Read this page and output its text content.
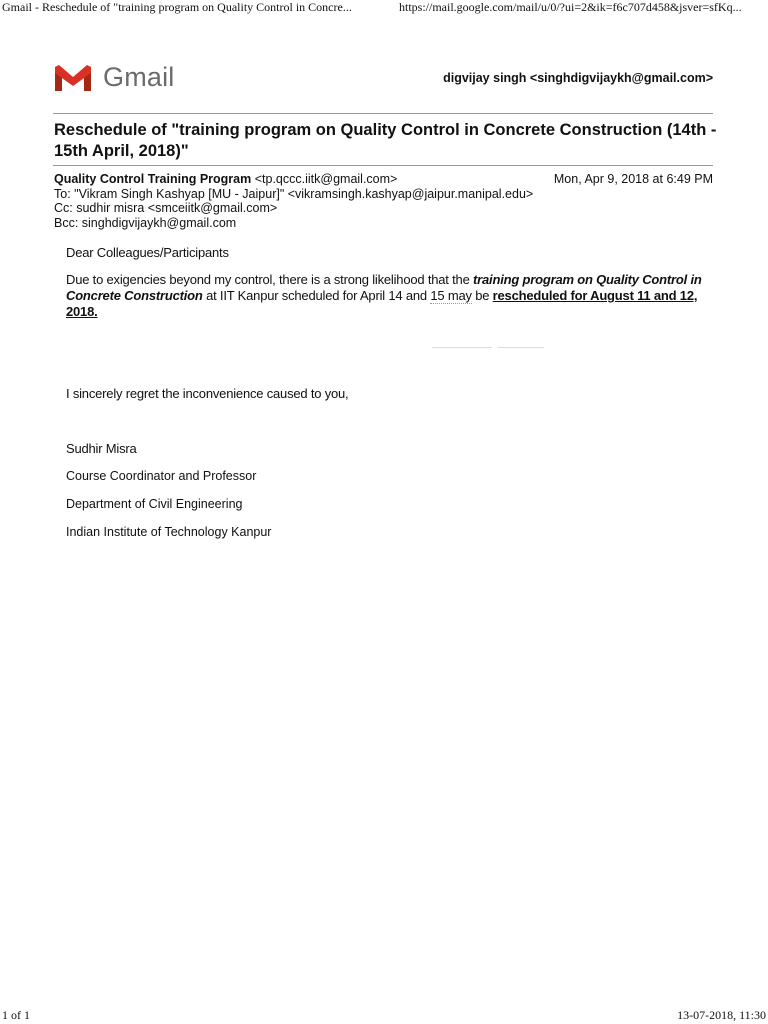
Gmail - Reschedule of "training program on Quality Control in Concre...	https://mail.google.com/mail/u/0/?ui=2&ik=f6c707d458&jsver=sfKq...
Gmail	digvijay singh <singhdigvijaykh@gmail.com>
Reschedule of "training program on Quality Control in Concrete Construction (14th - 15th April, 2018)"
Quality Control Training Program <tp.qccc.iitk@gmail.com>
To: "Vikram Singh Kashyap [MU - Jaipur]" <vikramsingh.kashyap@jaipur.manipal.edu>
Cc: sudhir misra <smceiitk@gmail.com>
Bcc: singhdigvijaykh@gmail.com
Mon, Apr 9, 2018 at 6:49 PM
Dear Colleagues/Participants
Due to exigencies beyond my control, there is a strong likelihood that the training program on Quality Control in Concrete Construction at IIT Kanpur scheduled for April 14 and 15 may be rescheduled for August 11 and 12, 2018.
I sincerely regret the inconvenience caused to you,
Sudhir Misra
Course Coordinator and Professor
Department of Civil Engineering
Indian Institute of Technology Kanpur
1 of 1	13-07-2018, 11:30
